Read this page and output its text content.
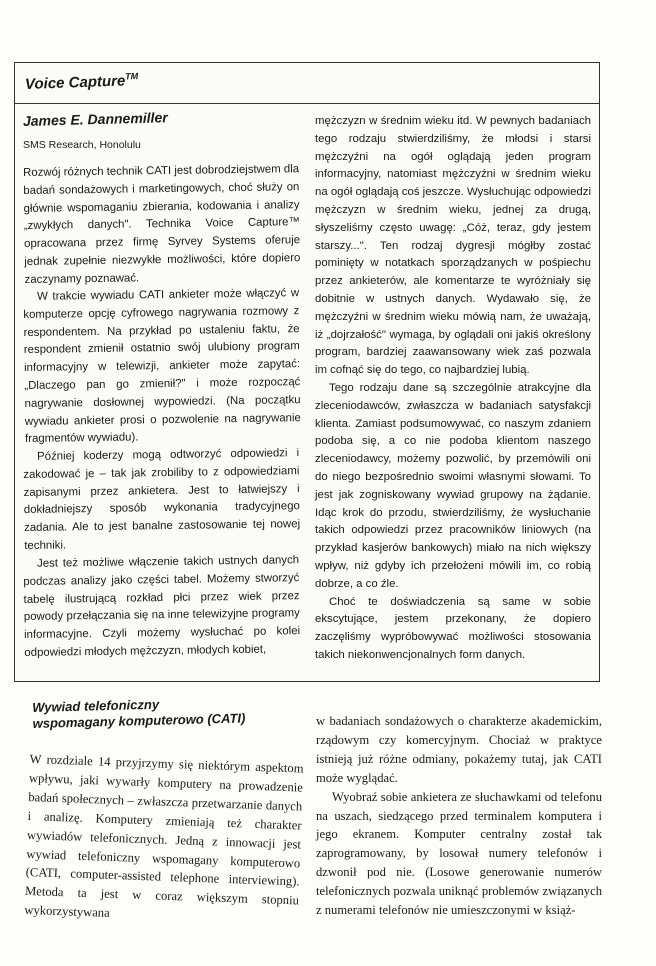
Voice Capture™
James E. Dannemiller
SMS Research, Honolulu

Rozwój różnych technik CATI jest dobrodziejstwem dla badań sondażowych i marketingowych, choć służy on głównie wspomaganiu zbierania, kodowania i analizy „zwykłych danych". Technika Voice Capture™ opracowana przez firmę Syrvey Systems oferuje jednak zupełnie niezwykłe możliwości, które dopiero zaczynamy poznawać.

W trakcie wywiadu CATI ankieter może włączyć w komputerze opcję cyfrowego nagrywania rozmowy z respondentem. Na przykład po ustaleniu faktu, że respondent zmienił ostatnio swój ulubiony program informacyjny w telewizji, ankieter może zapytać: „Dlaczego pan go zmienił?" i może rozpocząć nagrywanie dosłownej wypowiedzi. (Na początku wywiadu ankieter prosi o pozwolenie na nagrywanie fragmentów wywiadu).

Później koderzy mogą odtworzyć odpowiedzi i zakodować je – tak jak zrobiliby to z odpowiedziami zapisanymi przez ankietera. Jest to łatwiejszy i dokładniejszy sposób wykonania tradycyjnego zadania. Ale to jest banalne zastosowanie tej nowej techniki.

Jest też możliwe włączenie takich ustnych danych podczas analizy jako części tabel. Możemy stworzyć tabelę ilustrującą rozkład płci przez wiek przez powody przełączania się na inne telewizyjne programy informacyjne. Czyli możemy wysłuchać po kolei odpowiedzi młodych mężczyzn, młodych kobiet,

mężczyzn w średnim wieku itd. W pewnych badaniach tego rodzaju stwierdziliśmy, że młodsi i starsi mężczyźni na ogół oglądają jeden program informacyjny, natomiast mężczyźni w średnim wieku na ogół oglądają coś jeszcze. Wysłuchując odpowiedzi mężczyzn w średnim wieku, jednej za drugą, słyszeliśmy często uwagę: „Cóż, teraz, gdy jestem starszy...". Ten rodzaj dygresji mógłby zostać pominięty w notatkach sporządzanych w pośpiechu przez ankieterów, ale komentarze te wyróżniały się dobitnie w ustnych danych. Wydawało się, że mężczyźni w średnim wieku mówią nam, że uważają, iż „dojrzałość" wymaga, by oglądali oni jakiś określony program, bardziej zaawansowany wiek zaś pozwala im cofnąć się do tego, co najbardziej lubią.

Tego rodzaju dane są szczególnie atrakcyjne dla zleceniodawców, zwłaszcza w badaniach satysfakcji klienta. Zamiast podsumowywać, co naszym zdaniem podoba się, a co nie podoba klientom naszego zleceniodawcy, możemy pozwolić, by przemówili oni do niego bezpośrednio swoimi własnymi słowami. To jest jak zogniskowany wywiad grupowy na żądanie. Idąc krok do przodu, stwierdziliśmy, że wysłuchanie takich odpowiedzi przez pracowników liniowych (na przykład kasjerów bankowych) miało na nich większy wpływ, niż gdyby ich przełożeni mówili im, co robią dobrze, a co źle.

Choć te doświadczenia są same w sobie ekscytujące, jestem przekonany, że dopiero zaczęliśmy wypróbowywać możliwości stosowania takich niekonwencjonalnych form danych.

Wywiad telefoniczny
wspomagany komputerowo (CATI)

W rozdziale 14 przyjrzymy się niektórym aspektom wpływu, jaki wywarły komputery na prowadzenie badań społecznych – zwłaszcza przetwarzanie danych i analizę. Komputery zmieniają też charakter wywiadów telefonicznych. Jedną z innowacji jest wywiad telefoniczny wspomagany komputerowo (CATI, computer-assisted telephone interviewing). Metoda ta jest w coraz większym stopniu wykorzystywana

w badaniach sondażowych o charakterze akademickim, rządowym czy komercyjnym. Chociaż w praktyce istnieją już różne odmiany, pokażemy tutaj, jak CATI może wyglądać.

Wyobraź sobie ankietera ze słuchawkami od telefonu na uszach, siedzącego przed terminalem komputera i jego ekranem. Komputer centralny został tak zaprogramowany, by losował numery telefonów i dzwonił pod nie. (Losowe generowanie numerów telefonicznych pozwala uniknąć problemów związanych z numerami telefonów nie umieszczonymi w książ-
